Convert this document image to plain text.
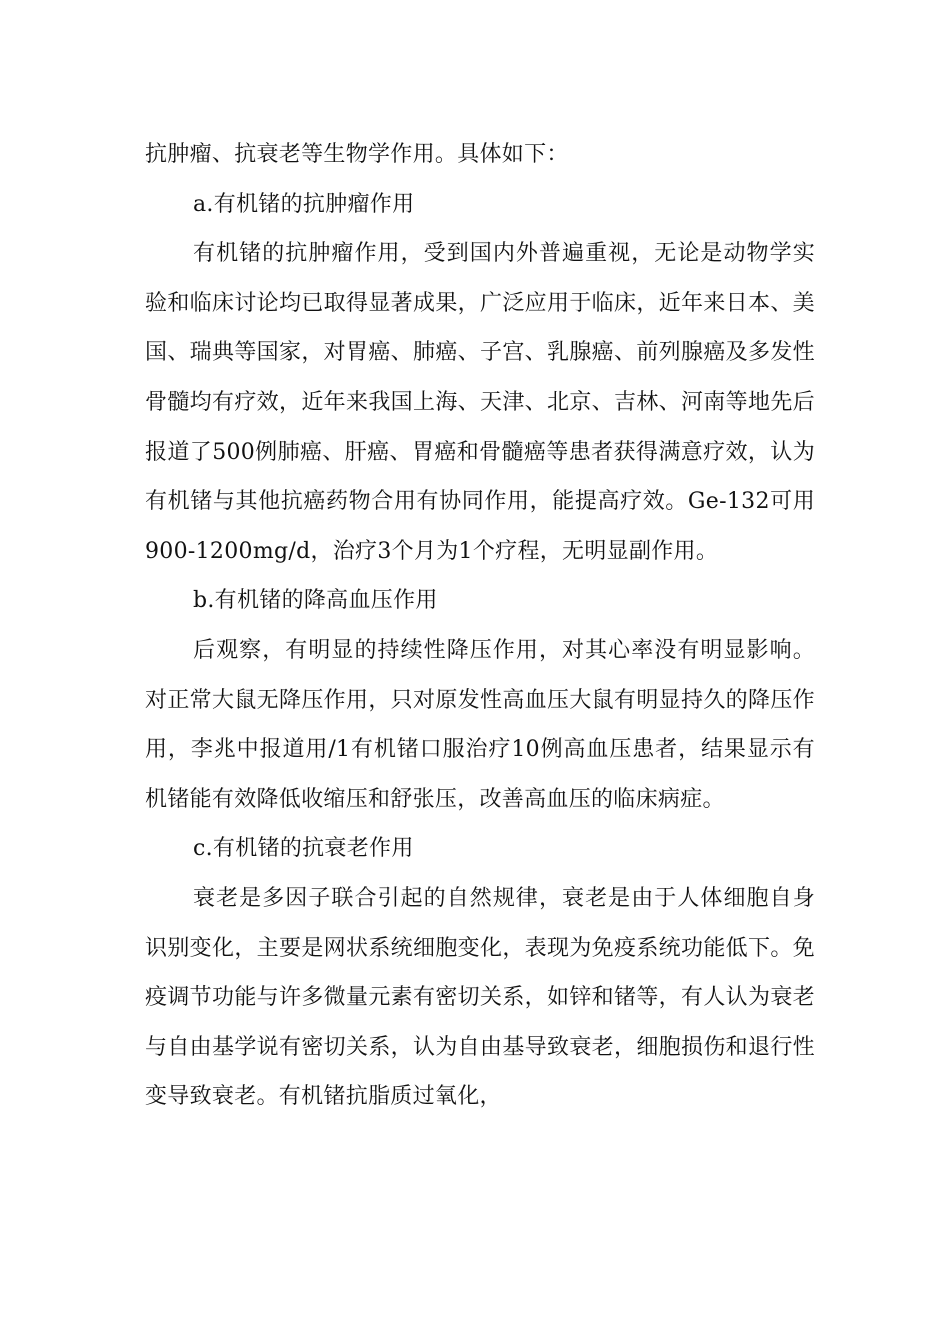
抗肿瘤、抗衰老等生物学作用。具体如下：

a.有机锗的抗肿瘤作用

有机锗的抗肿瘤作用，受到国内外普遍重视，无论是动物学实验和临床讨论均已取得显著成果，广泛应用于临床，近年来日本、美国、瑞典等国家，对胃癌、肺癌、子宫、乳腺癌、前列腺癌及多发性骨髓均有疗效，近年来我国上海、天津、北京、吉林、河南等地先后报道了500例肺癌、肝癌、胃癌和骨髓癌等患者获得满意疗效，认为有机锗与其他抗癌药物合用有协同作用，能提高疗效。Ge-132可用900-1200mg/d，治疗3个月为1个疗程，无明显副作用。

b.有机锗的降高血压作用

后观察，有明显的持续性降压作用，对其心率没有明显影响。对正常大鼠无降压作用，只对原发性高血压大鼠有明显持久的降压作用，李兆中报道用/1有机锗口服治疗10例高血压患者，结果显示有机锗能有效降低收缩压和舒张压，改善高血压的临床病症。

c.有机锗的抗衰老作用

衰老是多因子联合引起的自然规律，衰老是由于人体细胞自身识别变化，主要是网状系统细胞变化，表现为免疫系统功能低下。免疫调节功能与许多微量元素有密切关系，如锌和锗等，有人认为衰老与自由基学说有密切关系，认为自由基导致衰老，细胞损伤和退行性变导致衰老。有机锗抗脂质过氧化，
